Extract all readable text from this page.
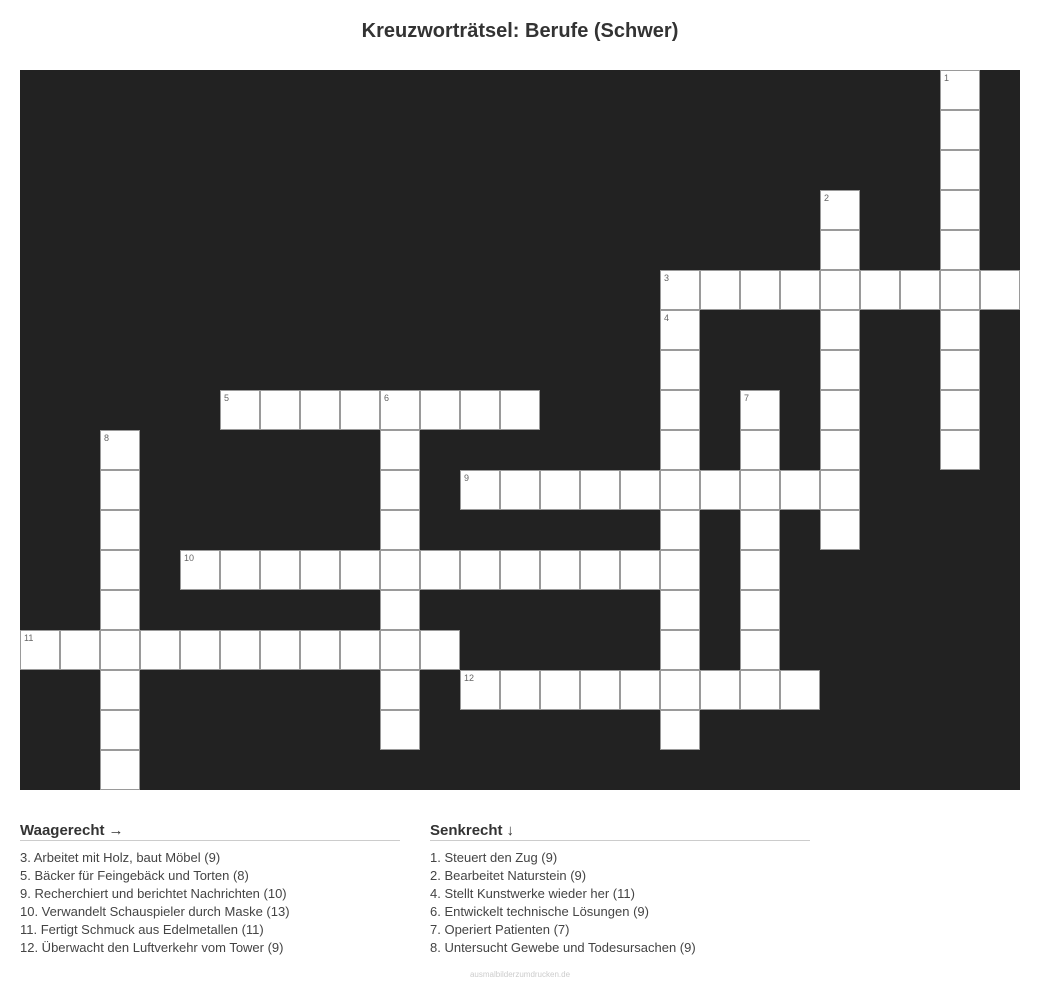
Kreuzworträtsel: Berufe (Schwer)
3
5	6
9
10
11
12
1
2
4
7
8
Waagerecht →
3. Arbeitet mit Holz, baut Möbel (9)
5. Bäcker für Feingebäck und Torten (8)
9. Recherchiert und berichtet Nachrichten (10)
10. Verwandelt Schauspieler durch Maske (13)
11. Fertigt Schmuck aus Edelmetallen (11)
12. Überwacht den Luftverkehr vom Tower (9)
Senkrecht ↓
1. Steuert den Zug (9)
2. Bearbeitet Naturstein (9)
4. Stellt Kunstwerke wieder her (11)
6. Entwickelt technische Lösungen (9)
7. Operiert Patienten (7)
8. Untersucht Gewebe und Todesursachen (9)
ausmalbilderzumdrucken.de
